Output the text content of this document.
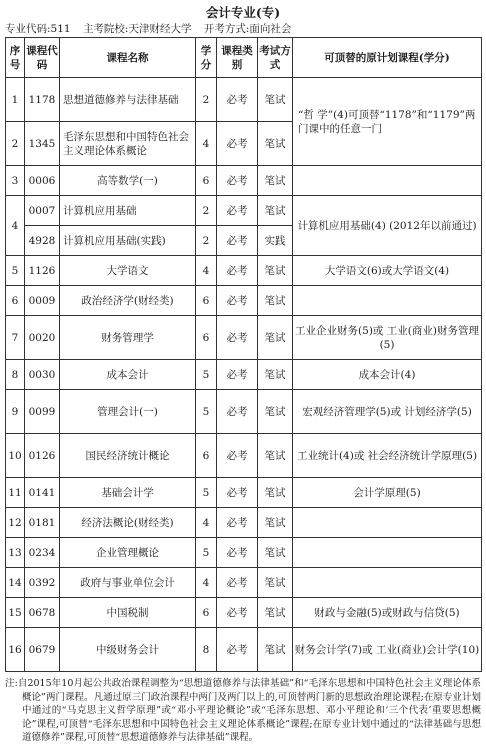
会计专业(专)
专业代码:511 主考院校:天津财经大学 开考方式:面向社会
序号	课程代码	课程名称	学分	课程类别	考试方式	可顶替的原计划课程(学分)
1	1178	思想道德修养与法律基础	2	必考	笔试	“哲 学”(4)可顶替“1178”和“1179”两门课中的任意一门
2	1345	毛泽东思想和中国特色社会主义理论体系概论	4	必考	笔试	
3	0006	高等数学(一)	6	必考	笔试	
4	0007	计算机应用基础	2	必考	笔试	计算机应用基础(4) (2012年以前通过)
	4928	计算机应用基础(实践)	2	必考	实践	
5	1126	大学语文	4	必考	笔试	大学语文(6)或大学语文(4)
6	0009	政治经济学(财经类)	6	必考	笔试	
7	0020	财务管理学	6	必考	笔试	工业企业财务(5)或 工业(商业)财务管理(5)
8	0030	成本会计	5	必考	笔试	成本会计(4)
9	0099	管理会计(一)	5	必考	笔试	宏观经济管理学(5)或 计划经济学(5)
10	0126	国民经济统计概论	6	必考	笔试	工业统计(4)或 社会经济统计学原理(5)
11	0141	基础会计学	5	必考	笔试	会计学原理(5)
12	0181	经济法概论(财经类)	4	必考	笔试	
13	0234	企业管理概论	5	必考	笔试	
14	0392	政府与事业单位会计	4	必考	笔试	
15	0678	中国税制	6	必考	笔试	财政与金融(5)或财政与信贷(5)
16	0679	中级财务会计	8	必考	笔试	财务会计学(7)或 工业(商业)会计学(10)
注:自2015年10月起公共政治课程调整为“思想道德修养与法律基础”和“毛泽东思想和中国特色社会主义理论体系概论”两门课程。凡通过原三门政治课程中两门及两门以上的,可顶替两门新的思想政治理论课程;在原专业计划中通过的“马克思主义哲学原理”或“邓小平理论概论”或“毛泽东思想、邓小平理论和‘三个代表’重要思想概论”课程,可顶替“毛泽东思想和中国特色社会主义理论体系概论”课程;在原专业计划中通过的“法律基础与思想道德修养”课程,可顶替“思想道德修养与法律基础”课程。
